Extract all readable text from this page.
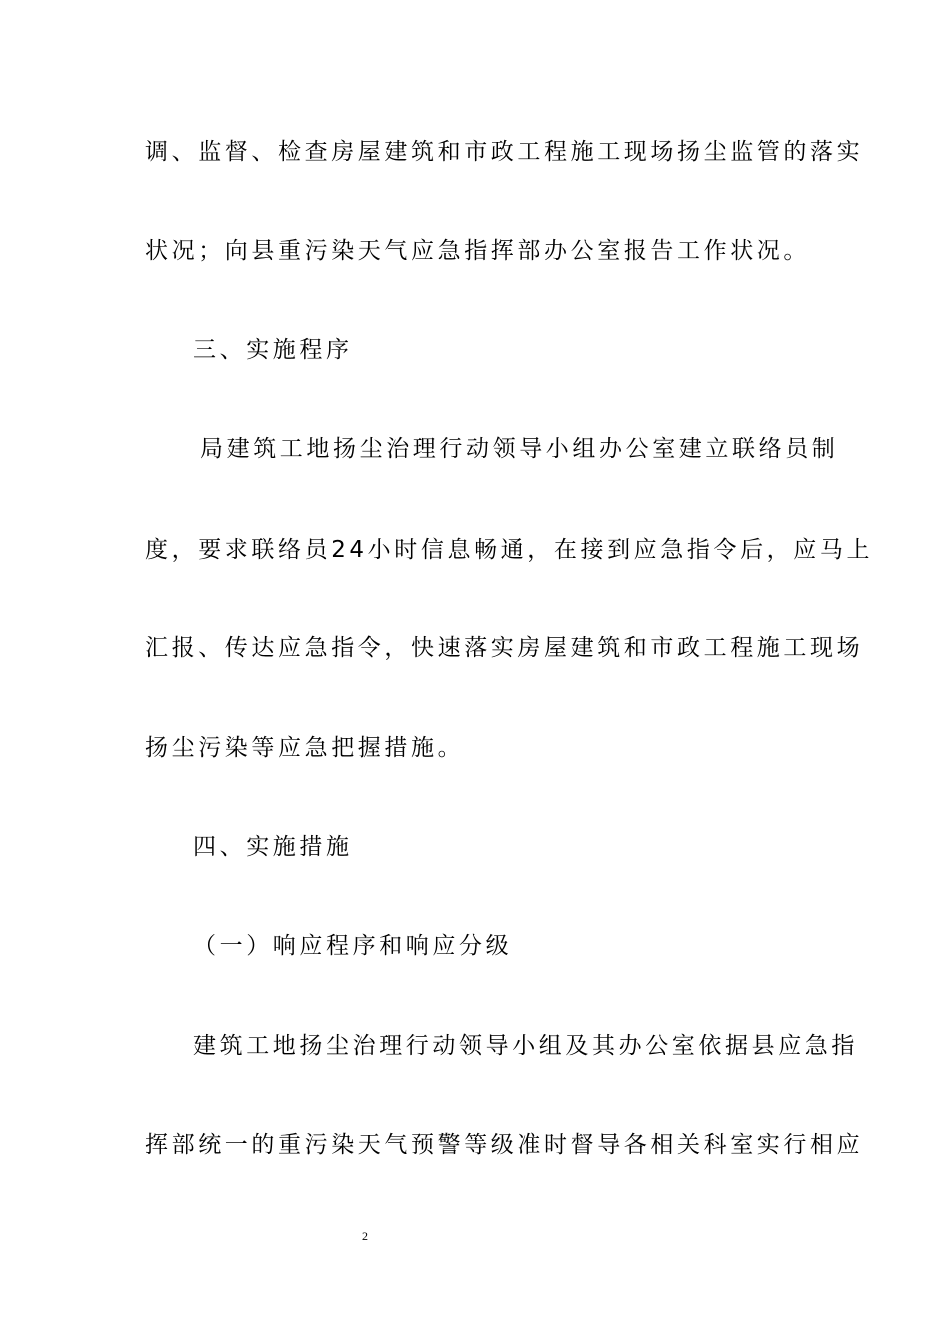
调、监督、检查房屋建筑和市政工程施工现场扬尘监管的落实
状况；向县重污染天气应急指挥部办公室报告工作状况。
三、实施程序
局建筑工地扬尘治理行动领导小组办公室建立联络员制
度，要求联络员24小时信息畅通，在接到应急指令后，应马上
汇报、传达应急指令，快速落实房屋建筑和市政工程施工现场
扬尘污染等应急把握措施。
四、实施措施
（一）响应程序和响应分级
建筑工地扬尘治理行动领导小组及其办公室依据县应急指
挥部统一的重污染天气预警等级准时督导各相关科室实行相应
2
